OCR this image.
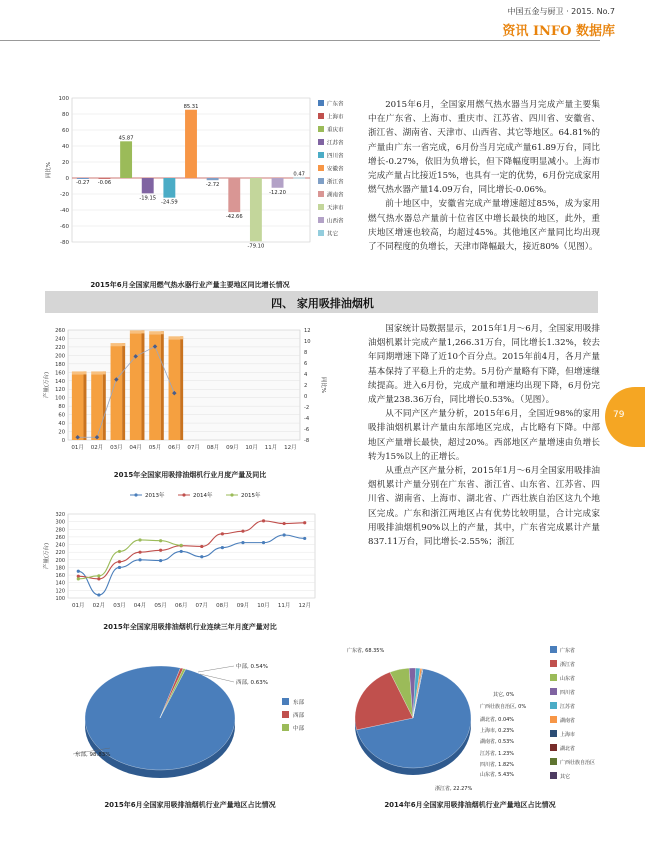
中国五金与厨卫 · 2015. No.7
资讯 INFO 数据库
79
100
80
60
40
20
0
-20
-40
-60
-80
-0.27 -0.06
45.87
-19.15
-24.59
85.31
-2.72
-42.66
-79.10
-12.20
0.47
同比%
广东省
上海市
重庆市
江苏省
四川省
安徽省
浙江省
湖南省
天津市
山西省
其它
2015年6月全国家用燃气热水器行业产量主要地区同比增长情况

2015年6月，全国家用燃气热水器当月完成产量主要集中在广东省、上海市、重庆市、江苏省、四川省、安徽省、浙江省、湖南省、天津市、山西省、其它等地区。64.81%的产量由广东一省完成，6月份当月完成产量61.89万台，同比增长-0.27%，依旧为负增长，但下降幅度明显减小。上海市完成产量占比接近15%，也具有一定的优势，6月份完成家用燃气热水器产量14.09万台，同比增长-0.06%。

前十地区中，安徽省完成产量增速超过85%，成为家用燃气热水器总产量前十位省区中增长最快的地区，此外，重庆地区增速也较高，均超过45%。其他地区产量同比均出现了不同程度的负增长，天津市降幅最大，接近80%（见图）。

四、 家用吸排油烟机
260
240
220
200
180
160
140
120
100
80
60
40
20
0
12
10
8
6
4
2
0
-2
-4
-6
-8
01月 02月 03月 04月 05月 06月 07月 08月 09月 10月 11月 12月
产量(万台)	同比%
2015年全国家用吸排油烟机行业月度产量及同比
2013年	2014年	2015年
320
300
280
260
240
220
200
180
160
140
120
100
01月 02月 03月 04月 05月 06月 07月 08月 09月 10月 11月 12月
产量(万台)
2015年全国家用吸排油烟机行业连续三年月度产量对比

国家统计局数据显示，2015年1月～6月，全国家用吸排油烟机累计完成产量1,266.31万台，同比增长1.32%，较去年同期增速下降了近10个百分点。2015年前4月，各月产量基本保持了平稳上升的走势。5月份产量略有下降，但增速继续提高。进入6月份，完成产量和增速均出现下降，6月份完成产量238.36万台，同比增长0.53%。（见图）。

从不同产区产量分析，2015年6月，全国近98%的家用吸排油烟机累计产量由东部地区完成，占比略有下降。中部地区产量增长最快，超过20%。西部地区产量增速由负增长转为15%以上的正增长。

从重点产区产量分析，2015年1月～6月全国家用吸排油烟机累计产量分别在广东省、浙江省、山东省、江苏省、四川省、湖南省、上海市、湖北省、广西壮族自治区这九个地区完成。广东和浙江两地区占有优势比较明显，合计完成家用吸排油烟机90%以上的产量，其中，广东省完成累计产量837.11万台，同比增长-2.55%；浙江

东部, 98.83%
西部, 0.63%
中部, 0.54%
东部
西部
中部
2015年6月全国家用吸排油烟机行业产量地区占比情况
广东省, 68.35%
浙江省, 22.27%
山东省, 5.43%
四川省, 1.82%
江苏省, 1.23%
湖南省, 0.53%
上海市, 0.23%
湖北省, 0.04%
广西壮族自治区, 0%
其它, 0%
广东省
浙江省
山东省
四川省
江苏省
湖南省
上海市
湖北省
广西壮族自治区
其它
2014年6月全国家用吸排油烟机行业产量地区占比情况
